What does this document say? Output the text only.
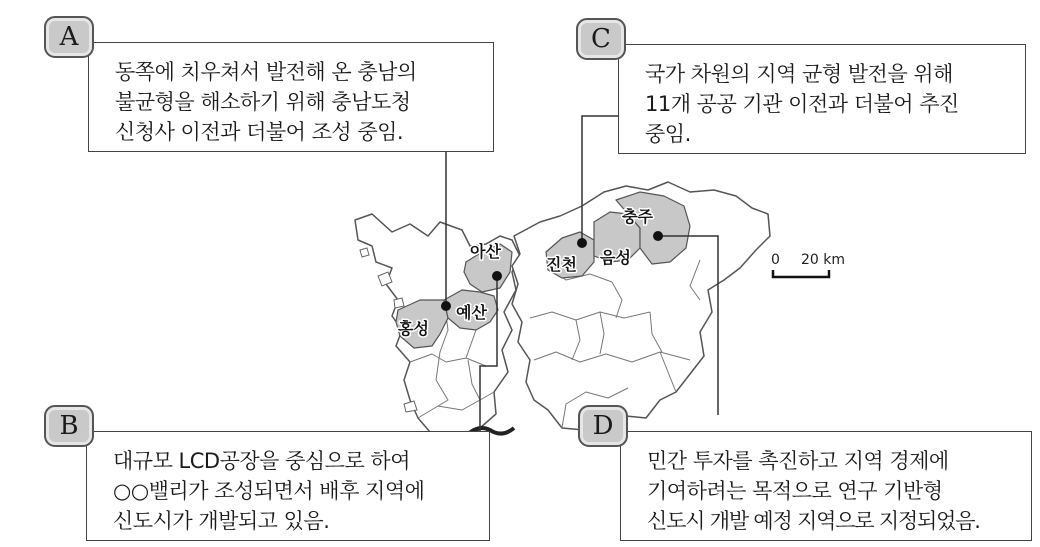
아산
홍성
예산
진천 음성
충주
0 20 km
동쪽에 치우쳐서 발전해 온 충남의
불균형을 해소하기 위해 충남도청
신청사 이전과 더불어 조성 중임.
A
국가 차원의 지역 균형 발전을 위해
11개 공공 기관 이전과 더불어 추진
중임.
C
대규모 LCD공장을 중심으로 하여
○○밸리가 조성되면서 배후 지역에
신도시가 개발되고 있음.
B
민간 투자를 촉진하고 지역 경제에
기여하려는 목적으로 연구 기반형
신도시 개발 예정 지역으로 지정되었음.
D
